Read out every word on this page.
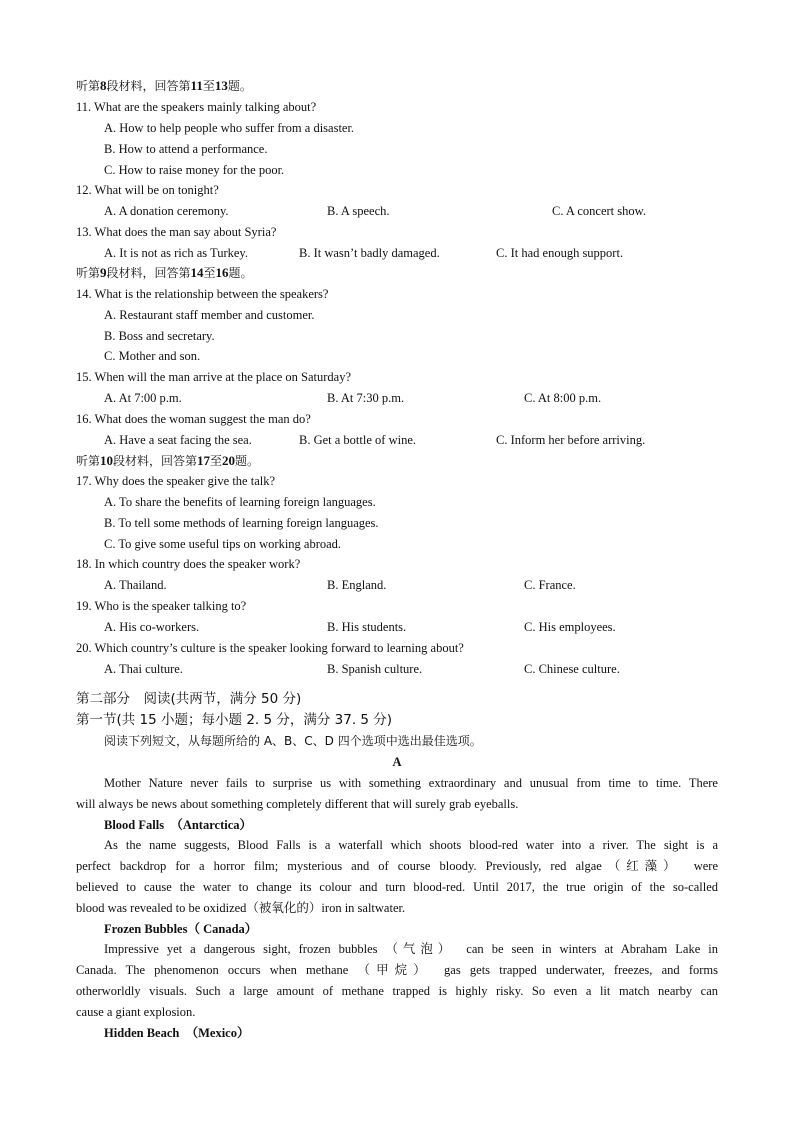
听第8段材料，回答第11至13题。
11. What are the speakers mainly talking about?
A. How to help people who suffer from a disaster.
B. How to attend a performance.
C. How to raise money for the poor.
12. What will be on tonight?
A. A donation ceremony.	B. A speech.	C. A concert show.
13. What does the man say about Syria?
A. It is not as rich as Turkey.	B. It wasn’t badly damaged.	C. It had enough support.
听第9段材料，回答第14至16题。
14. What is the relationship between the speakers?
A. Restaurant staff member and customer.
B. Boss and secretary.
C. Mother and son.
15. When will the man arrive at the place on Saturday?
A. At 7:00 p.m.	B. At 7:30 p.m.	C. At 8:00 p.m.
16. What does the woman suggest the man do?
A. Have a seat facing the sea.	B. Get a bottle of wine.	C. Inform her before arriving.
听第10段材料，回答第17至20题。
17. Why does the speaker give the talk?
A. To share the benefits of learning foreign languages.
B. To tell some methods of learning foreign languages.
C. To give some useful tips on working abroad.
18. In which country does the speaker work?
A. Thailand.	B. England.	C. France.
19. Who is the speaker talking to?
A. His co-workers.	B. His students.	C. His employees.
20. Which country’s culture is the speaker looking forward to learning about?
A. Thai culture.	B. Spanish culture.	C. Chinese culture.
第二部分　阅读(共两节，满分 50 分)
第一节(共 15 小题；每小题 2. 5 分，满分 37. 5 分)
阅读下列短文，从每题所给的 A、B、C、D 四个选项中选出最佳选项。
A
Mother Nature never fails to surprise us with something extraordinary and unusual from time to time. There
will always be news about something completely different that will surely grab eyeballs.
Blood Falls　（Antarctica）
As the name suggests, Blood Falls is a waterfall which shoots blood-red water into a river. The sight is a
perfect backdrop for a horror film; mysterious and of course bloody. Previously, red algae（红藻）　were
believed to cause the water to change its colour and turn blood-red. Until 2017, the true origin of the so-called
blood was revealed to be oxidized（被氧化的）iron in saltwater.
Frozen Bubbles（ Canada）
Impressive yet a dangerous sight, frozen bubbles （气泡）　can be seen in winters at Abraham Lake in
Canada. The phenomenon occurs when methane （甲烷）　gas gets trapped underwater, freezes, and forms
otherworldly visuals. Such a large amount of methane trapped is highly risky. So even a lit match nearby can
cause a giant explosion.
Hidden Beach　（Mexico）
